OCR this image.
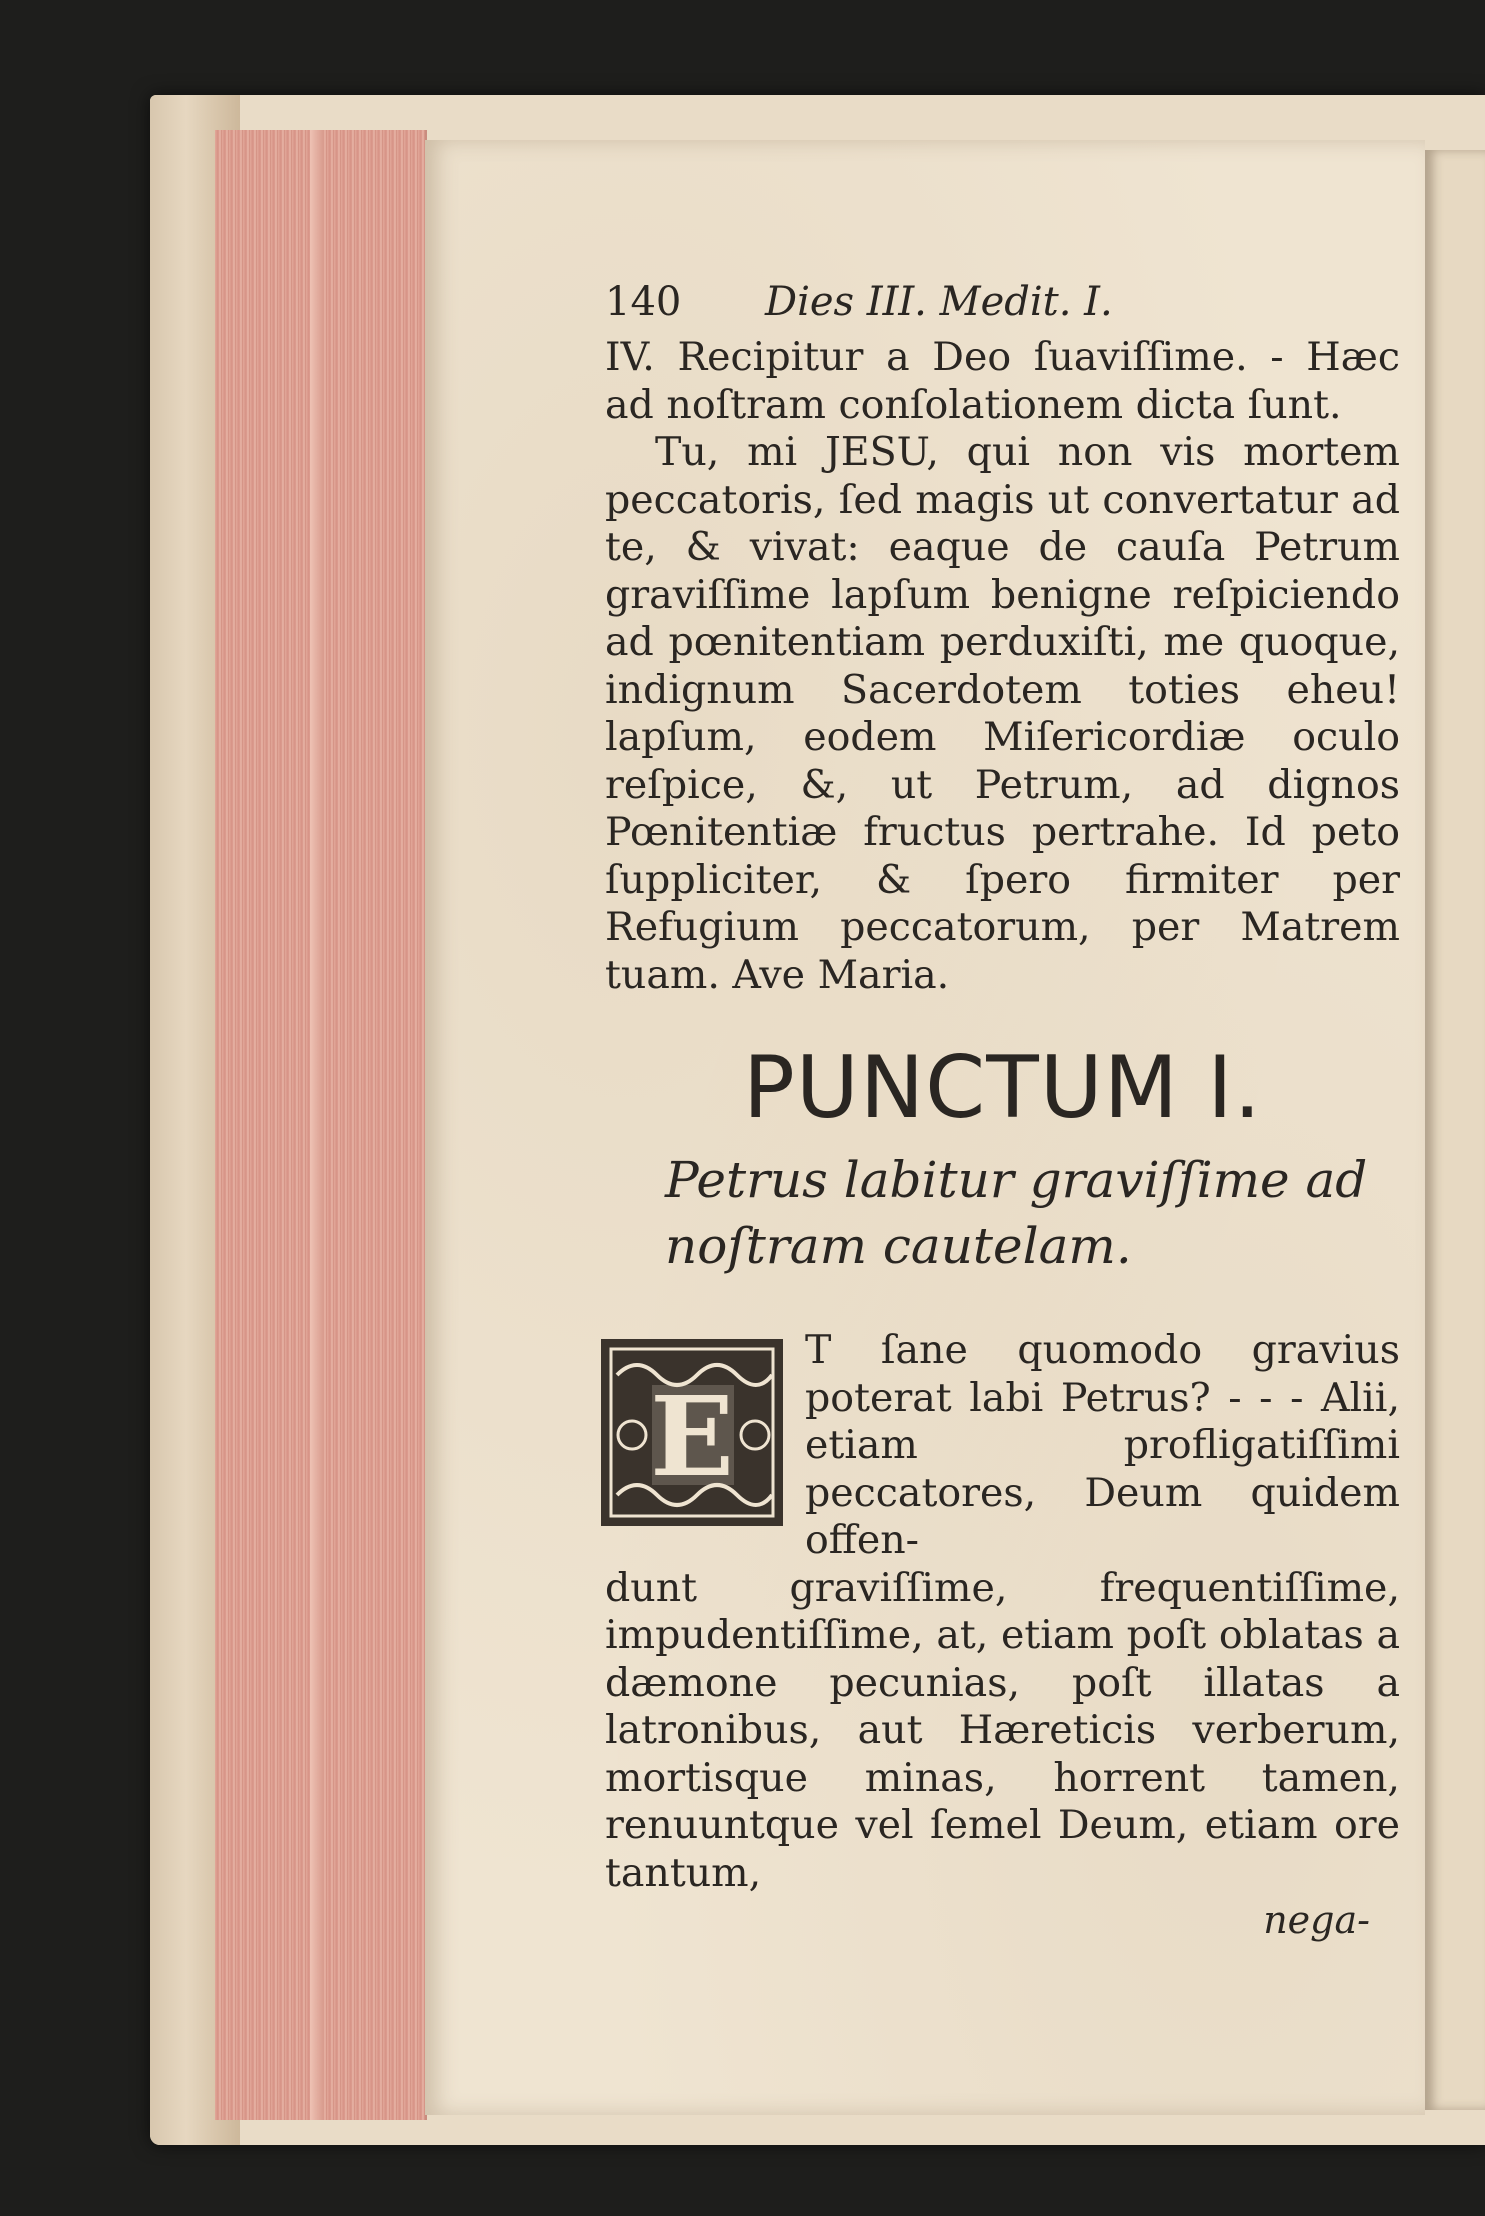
140	Dies III. Medit. I.

IV. Recipitur a Deo ſuaviſſime. - Hæc ad noſtram conſolationem dicta ſunt.

Tu, mi JESU, qui non vis mortem peccatoris, ſed magis ut convertatur ad te, & vivat: eaque de cauſa Petrum graviſſime lapſum benigne reſpiciendo ad pœnitentiam perduxiſti, me quoque, indignum Sacerdotem toties eheu! lapſum, eodem Miſericordiæ oculo reſpice, &, ut Petrum, ad dignos Pœnitentiæ fructus pertrahe. Id peto ſuppliciter, & ſpero firmiter per Refugium peccatorum, per Matrem tuam. Ave Maria.

PUNCTUM I.
Petrus labitur graviſſime ad noſtram cautelam.
E
T ſane quomodo gravius poterat labi Petrus? - - - Alii, etiam profligatiſſimi peccatores, Deum quidem offen-
dunt graviſſime, frequentiſſime, impudentiſſime, at, etiam poſt oblatas a dæmone pecunias, poſt illatas a latronibus, aut Hæreticis verberum, mortisque minas, horrent tamen, renuuntque vel ſemel Deum, etiam ore tantum,
nega-
